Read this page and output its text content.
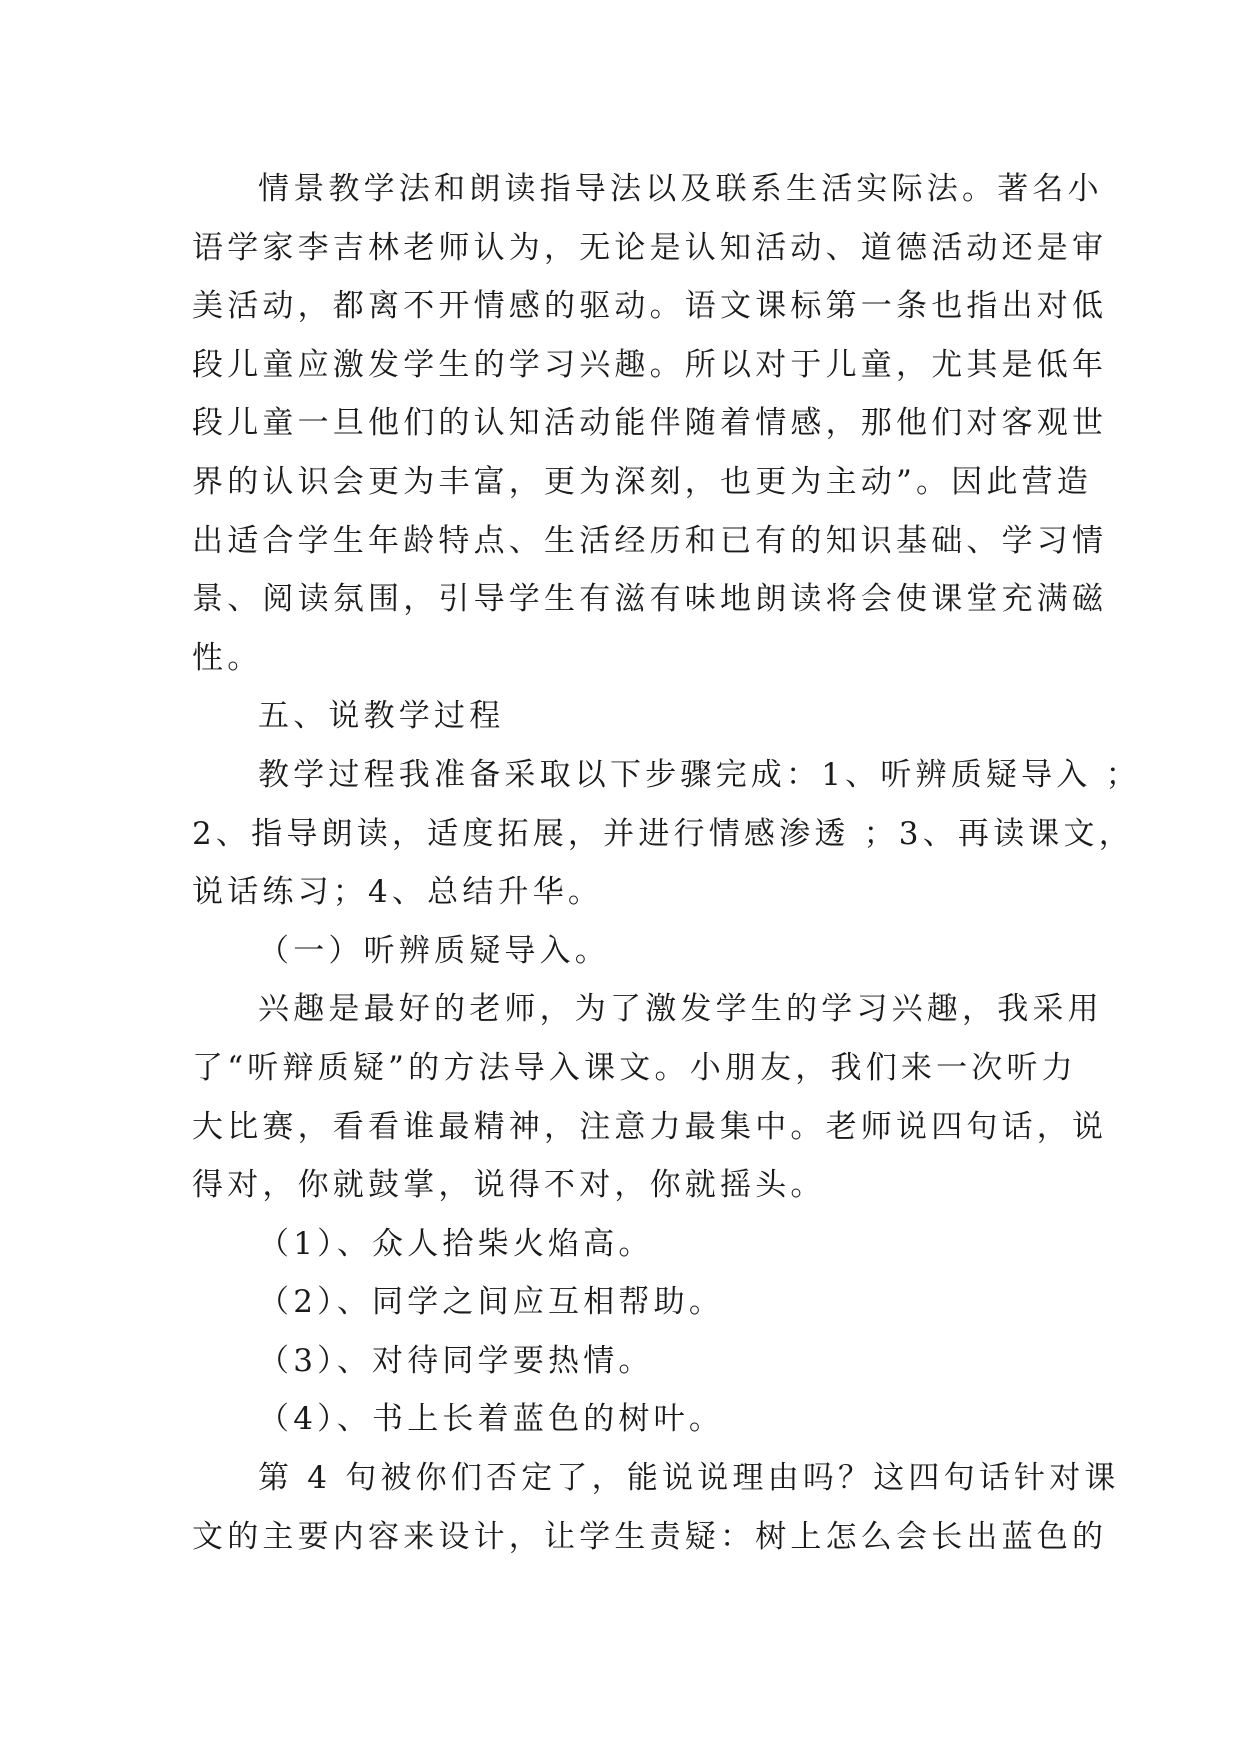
情景教学法和朗读指导法以及联系生活实际法。著名小
语学家李吉林老师认为，无论是认知活动、道德活动还是审
美活动，都离不开情感的驱动。语文课标第一条也指出对低
段儿童应激发学生的学习兴趣。所以对于儿童，尤其是低年
段儿童一旦他们的认知活动能伴随着情感，那他们对客观世
界的认识会更为丰富，更为深刻，也更为主动”。因此营造
出适合学生年龄特点、生活经历和已有的知识基础、学习情
景、阅读氛围，引导学生有滋有味地朗读将会使课堂充满磁
性。
五、说教学过程
教学过程我准备采取以下步骤完成：1、听辨质疑导入 ；
2、指导朗读，适度拓展，并进行情感渗透 ；3、再读课文，
说话练习；4、总结升华。
（一）听辨质疑导入。
兴趣是最好的老师，为了激发学生的学习兴趣，我采用
了“听辩质疑”的方法导入课文。小朋友，我们来一次听力
大比赛，看看谁最精神，注意力最集中。老师说四句话，说
得对，你就鼓掌，说得不对，你就摇头。
（1）、众人拾柴火焰高。
（2）、同学之间应互相帮助。
（3）、对待同学要热情。
（4）、书上长着蓝色的树叶。
第 4 句被你们否定了，能说说理由吗？这四句话针对课
文的主要内容来设计，让学生责疑：树上怎么会长出蓝色的
